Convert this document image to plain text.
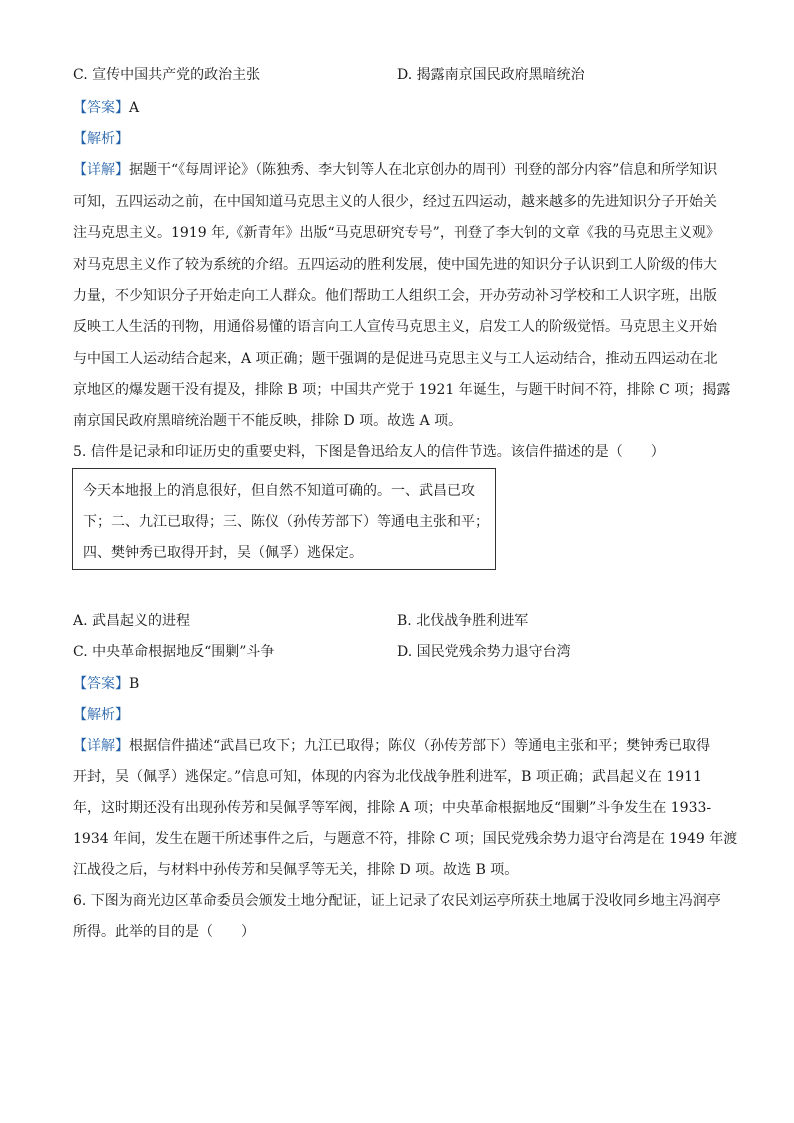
C. 宣传中国共产党的政治主张	D. 揭露南京国民政府黑暗统治
【答案】A
【解析】
【详解】据题干“《每周评论》（陈独秀、李大钊等人在北京创办的周刊）刊登的部分内容”信息和所学知识
可知，五四运动之前，在中国知道马克思主义的人很少，经过五四运动，越来越多的先进知识分子开始关
注马克思主义。1919 年,《新青年》出版“马克思研究专号”，刊登了李大钊的文章《我的马克思主义观》
对马克思主义作了较为系统的介绍。五四运动的胜利发展，使中国先进的知识分子认识到工人阶级的伟大
力量，不少知识分子开始走向工人群众。他们帮助工人组织工会，开办劳动补习学校和工人识字班，出版
反映工人生活的刊物，用通俗易懂的语言向工人宣传马克思主义，启发工人的阶级觉悟。马克思主义开始
与中国工人运动结合起来，A 项正确；题干强调的是促进马克思主义与工人运动结合，推动五四运动在北
京地区的爆发题干没有提及，排除 B 项；中国共产党于 1921 年诞生，与题干时间不符，排除 C 项；揭露
南京国民政府黑暗统治题干不能反映，排除 D 项。故选 A 项。
5. 信件是记录和印证历史的重要史料，下图是鲁迅给友人的信件节选。该信件描述的是（　　）
今天本地报上的消息很好，但自然不知道可确的。一、武昌已攻
下；二、九江已取得；三、陈仪（孙传芳部下）等通电主张和平；
四、樊钟秀已取得开封，吴（佩孚）逃保定。
A. 武昌起义的进程	B. 北伐战争胜利进军
C. 中央革命根据地反“围剿”斗争	D. 国民党残余势力退守台湾
【答案】B
【解析】
【详解】根据信件描述“武昌已攻下；九江已取得；陈仪（孙传芳部下）等通电主张和平；樊钟秀已取得
开封，吴（佩孚）逃保定。”信息可知，体现的内容为北伐战争胜利进军，B 项正确；武昌起义在 1911
年，这时期还没有出现孙传芳和吴佩孚等军阀，排除 A 项；中央革命根据地反“围剿”斗争发生在 1933-
1934 年间，发生在题干所述事件之后，与题意不符，排除 C 项；国民党残余势力退守台湾是在 1949 年渡
江战役之后，与材料中孙传芳和吴佩孚等无关，排除 D 项。故选 B 项。
6. 下图为商光边区革命委员会颁发土地分配证，证上记录了农民刘运亭所获土地属于没收同乡地主冯润亭
所得。此举的目的是（　　）
